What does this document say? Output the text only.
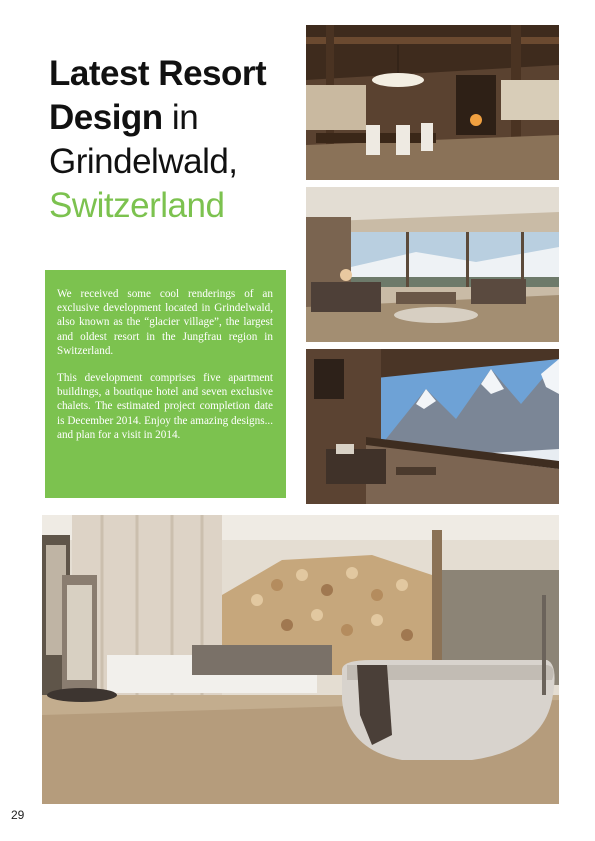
Latest Resort
Design in
Grindelwald,
Switzerland

We received some cool renderings of an exclusive development located in Grindelwald, also known as the “glacier village”, the largest and oldest resort in the Jungfrau region in Switzerland.

This development comprises five apartment buildings, a boutique hotel and seven exclusive chalets. The estimated project completion date is December 2014. Enjoy the amazing designs... and plan for a visit in 2014.

29
